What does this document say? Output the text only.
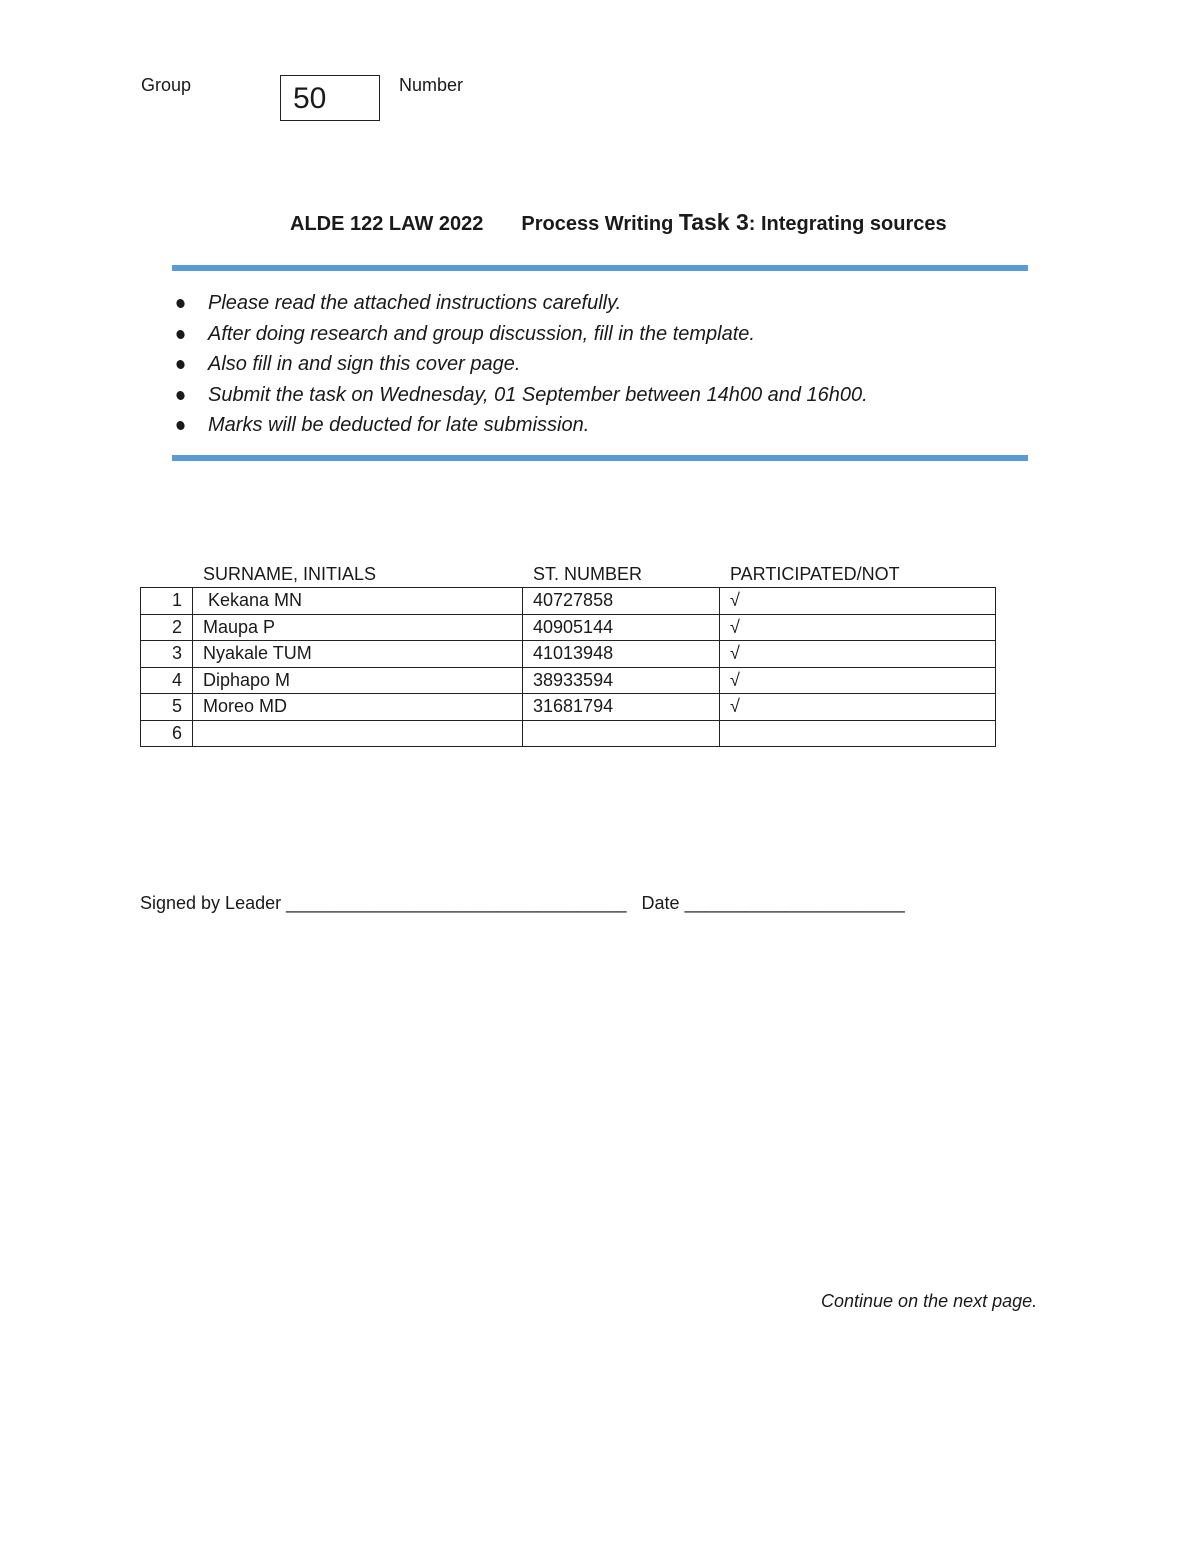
Group	50	Number
ALDE 122 LAW 2022 Process Writing Task 3: Integrating sources
Please read the attached instructions carefully.
After doing research and group discussion, fill in the template.
Also fill in and sign this cover page.
Submit the task on Wednesday, 01 September between 14h00 and 16h00.
Marks will be deducted for late submission.
SURNAME, INITIALS	ST. NUMBER	PARTICIPATED/NOT
1	Kekana MN	40727858	√
2	Maupa P	40905144	√
3	Nyakale TUM	41013948	√
4	Diphapo M	38933594	√
5	Moreo MD	31681794	√
6			
Signed by Leader __________________________________ Date ______________________
Continue on the next page.
